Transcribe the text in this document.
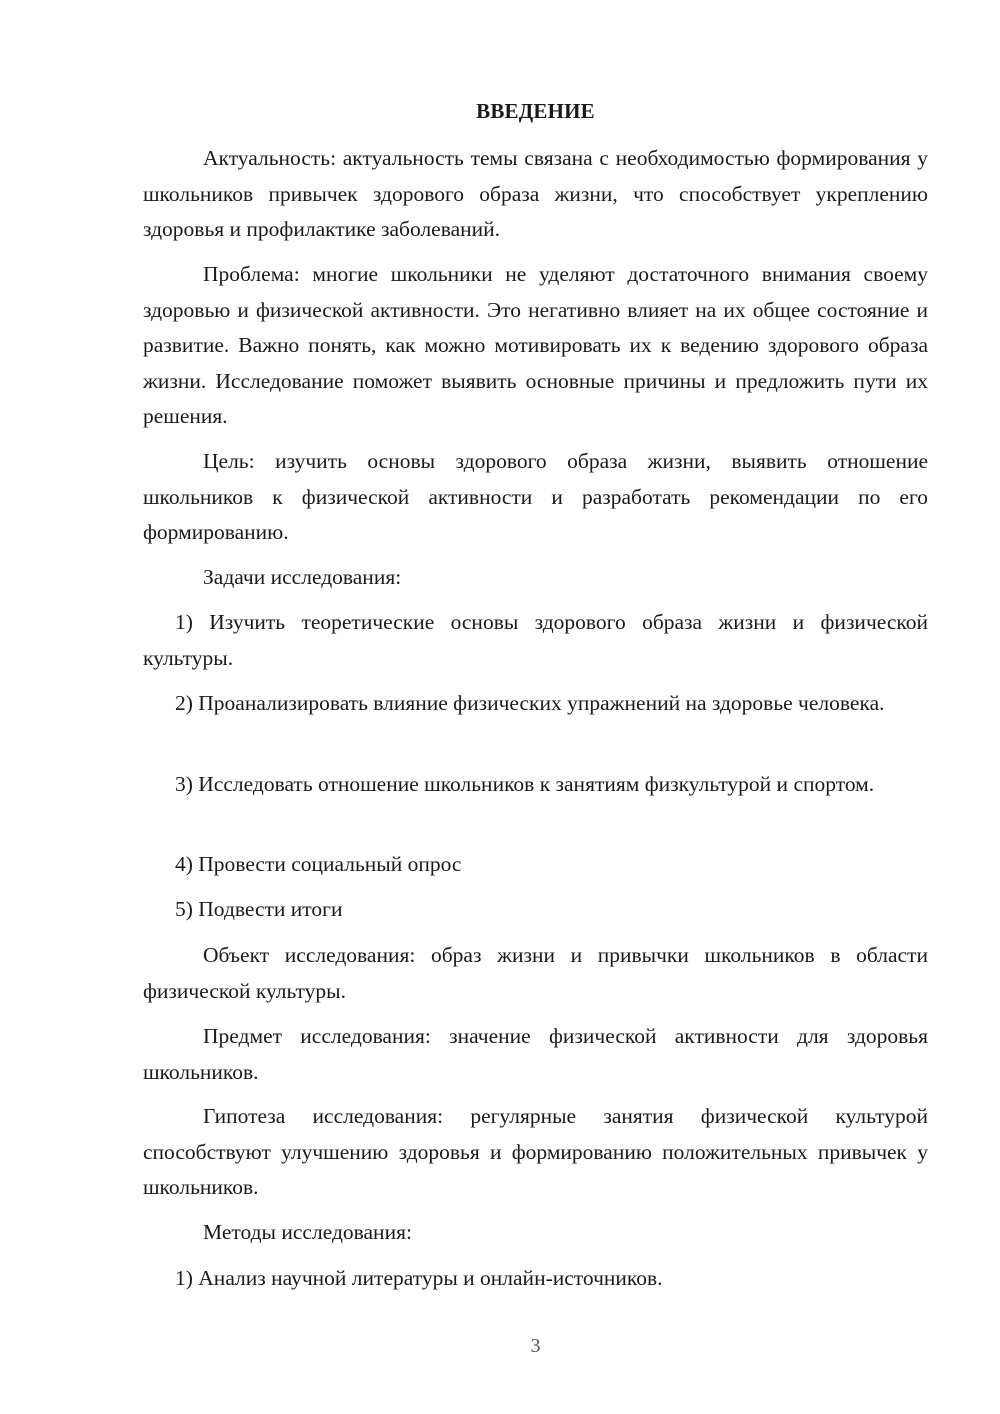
ВВЕДЕНИЕ

Актуальность: актуальность темы связана с необходимостью формирования у школьников привычек здорового образа жизни, что способствует укреплению здоровья и профилактике заболеваний.

Проблема: многие школьники не уделяют достаточного внимания своему здоровью и физической активности. Это негативно влияет на их общее состояние и развитие. Важно понять, как можно мотивировать их к ведению здорового образа жизни. Исследование поможет выявить основные причины и предложить пути их решения.

Цель: изучить основы здорового образа жизни, выявить отношение школьников к физической активности и разработать рекомендации по его формированию.

Задачи исследования:

1) Изучить теоретические основы здорового образа жизни и физической культуры.

2) Проанализировать влияние физических упражнений на здоровье человека.

3) Исследовать отношение школьников к занятиям физкультурой и спортом.

4) Провести социальный опрос

5) Подвести итоги

Объект исследования: образ жизни и привычки школьников в области физической культуры.

Предмет исследования: значение физической активности для здоровья школьников.

Гипотеза исследования: регулярные занятия физической культурой способствуют улучшению здоровья и формированию положительных привычек у школьников.

Методы исследования:

1) Анализ научной литературы и онлайн-источников.

3
